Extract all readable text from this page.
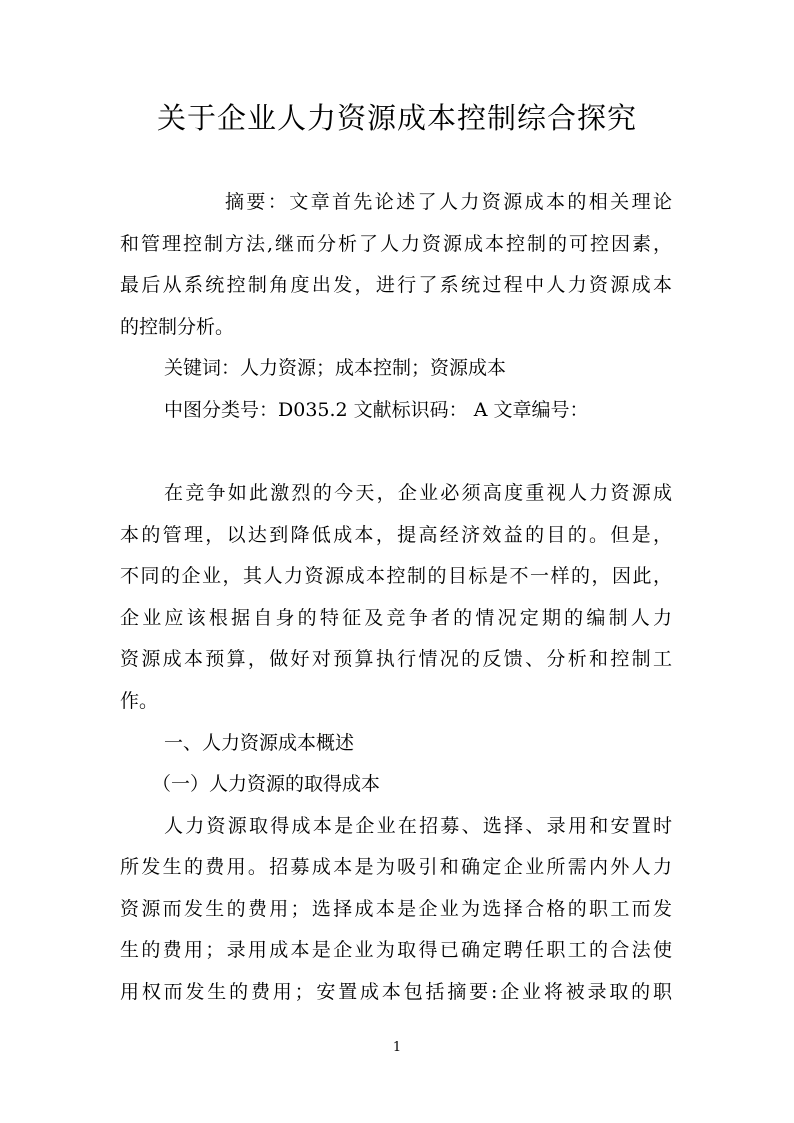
关于企业人力资源成本控制综合探究
摘要：文章首先论述了人力资源成本的相关理论
和管理控制方法,继而分析了人力资源成本控制的可控因素，
最后从系统控制角度出发，进行了系统过程中人力资源成本
的控制分析。
关键词：人力资源；成本控制；资源成本
中图分类号：D035.2 文献标识码： A 文章编号：
在竞争如此激烈的今天，企业必须高度重视人力资源成
本的管理，以达到降低成本，提高经济效益的目的。但是，
不同的企业，其人力资源成本控制的目标是不一样的，因此，
企业应该根据自身的特征及竞争者的情况定期的编制人力
资源成本预算，做好对预算执行情况的反馈、分析和控制工
作。
一、人力资源成本概述
（一）人力资源的取得成本
人力资源取得成本是企业在招募、选择、录用和安置时
所发生的费用。招募成本是为吸引和确定企业所需内外人力
资源而发生的费用；选择成本是企业为选择合格的职工而发
生的费用；录用成本是企业为取得已确定聘任职工的合法使
用权而发生的费用；安置成本包括摘要:企业将被录取的职
1
